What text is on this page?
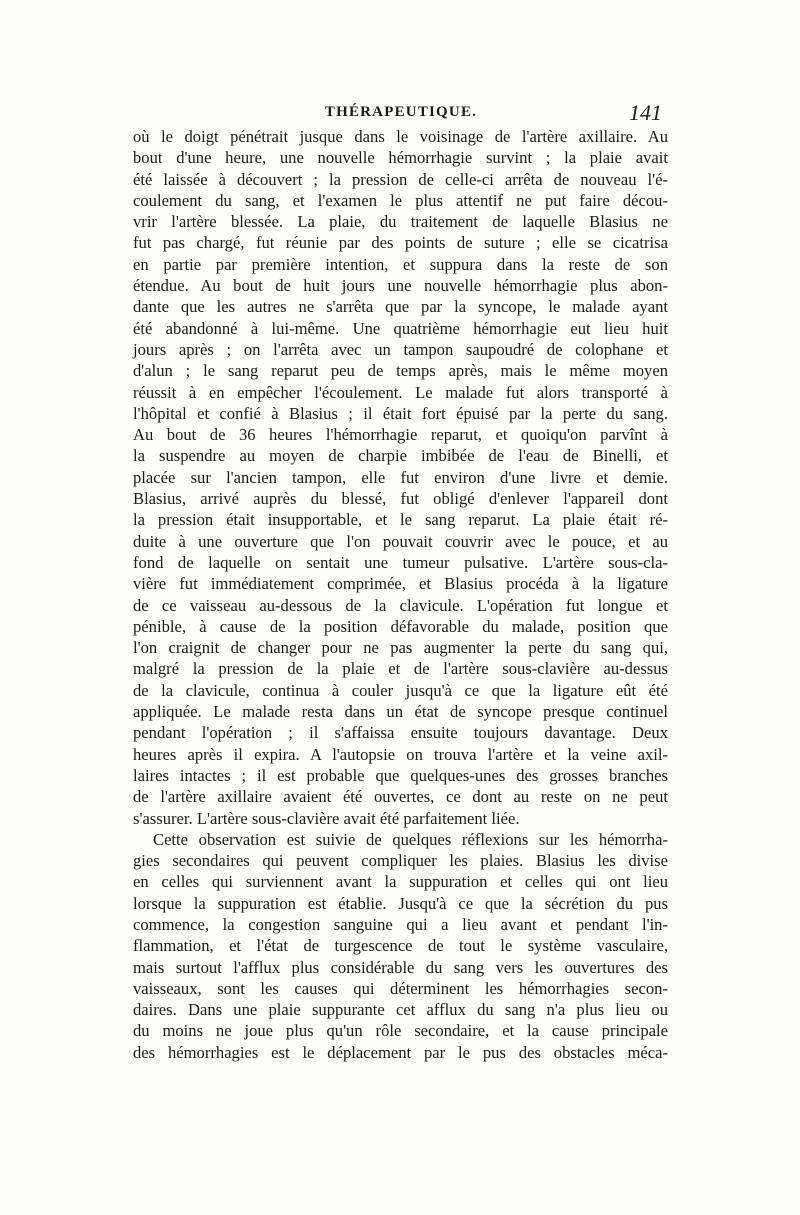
THÉRAPEUTIQUE.	141
où le doigt pénétrait jusque dans le voisinage de l'artère axillaire. Au
bout d'une heure, une nouvelle hémorrhagie survint ; la plaie avait
été laissée à découvert ; la pression de celle-ci arrêta de nouveau l'é-
coulement du sang, et l'examen le plus attentif ne put faire décou-
vrir l'artère blessée. La plaie, du traitement de laquelle Blasius ne
fut pas chargé, fut réunie par des points de suture ; elle se cicatrisa
en partie par première intention, et suppura dans la reste de son
étendue. Au bout de huit jours une nouvelle hémorrhagie plus abon-
dante que les autres ne s'arrêta que par la syncope, le malade ayant
été abandonné à lui-même. Une quatrième hémorrhagie eut lieu huit
jours après ; on l'arrêta avec un tampon saupoudré de colophane et
d'alun ; le sang reparut peu de temps après, mais le même moyen
réussit à en empêcher l'écoulement. Le malade fut alors transporté à
l'hôpital et confié à Blasius ; il était fort épuisé par la perte du sang.
Au bout de 36 heures l'hémorrhagie reparut, et quoiqu'on parvînt à
la suspendre au moyen de charpie imbibée de l'eau de Binelli, et
placée sur l'ancien tampon, elle fut environ d'une livre et demie.
Blasius, arrivé auprès du blessé, fut obligé d'enlever l'appareil dont
la pression était insupportable, et le sang reparut. La plaie était ré-
duite à une ouverture que l'on pouvait couvrir avec le pouce, et au
fond de laquelle on sentait une tumeur pulsative. L'artère sous-cla-
vière fut immédiatement comprimée, et Blasius procéda à la ligature
de ce vaisseau au-dessous de la clavicule. L'opération fut longue et
pénible, à cause de la position défavorable du malade, position que
l'on craignit de changer pour ne pas augmenter la perte du sang qui,
malgré la pression de la plaie et de l'artère sous-clavière au-dessus
de la clavicule, continua à couler jusqu'à ce que la ligature eût été
appliquée. Le malade resta dans un état de syncope presque continuel
pendant l'opération ; il s'affaissa ensuite toujours davantage. Deux
heures après il expira. A l'autopsie on trouva l'artère et la veine axil-
laires intactes ; il est probable que quelques-unes des grosses branches
de l'artère axillaire avaient été ouvertes, ce dont au reste on ne peut
s'assurer. L'artère sous-clavière avait été parfaitement liée.
Cette observation est suivie de quelques réflexions sur les hémorrha-
gies secondaires qui peuvent compliquer les plaies. Blasius les divise
en celles qui surviennent avant la suppuration et celles qui ont lieu
lorsque la suppuration est établie. Jusqu'à ce que la sécrétion du pus
commence, la congestion sanguine qui a lieu avant et pendant l'in-
flammation, et l'état de turgescence de tout le système vasculaire,
mais surtout l'afflux plus considérable du sang vers les ouvertures des
vaisseaux, sont les causes qui déterminent les hémorrhagies secon-
daires. Dans une plaie suppurante cet afflux du sang n'a plus lieu ou
du moins ne joue plus qu'un rôle secondaire, et la cause principale
des hémorrhagies est le déplacement par le pus des obstacles méca-
